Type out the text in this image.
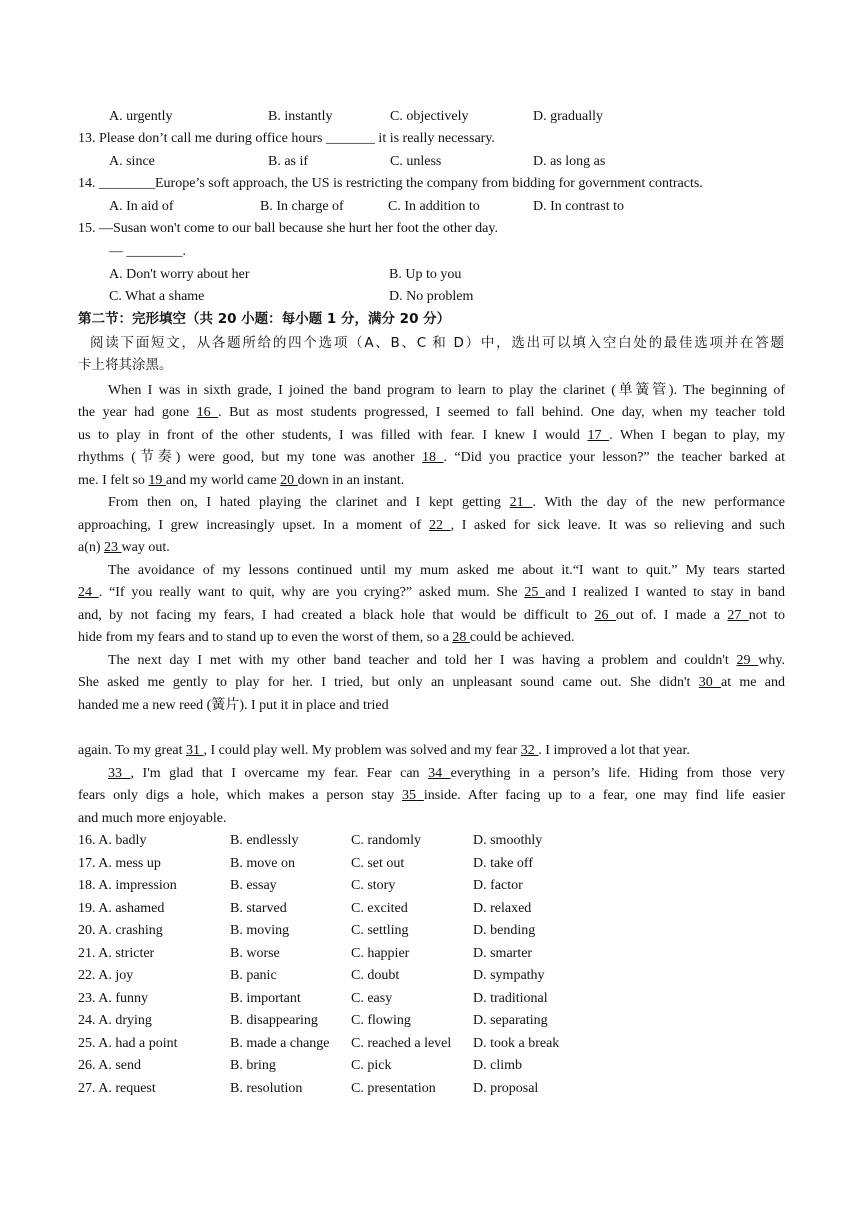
A. urgently	B. instantly	C. objectively	D. gradually
13. Please don’t call me during office hours _______ it is really necessary.
A. since	B. as if	C. unless	D. as long as
14. ________Europe’s soft approach, the US is restricting the company from bidding for government contracts.
A. In aid of	B. In charge of	C. In addition to	D. In contrast to
15. —Susan won't come to our ball because she hurt her foot the other day.
— ________.
A. Don't worry about her	B. Up to you
C. What a shame	D. No problem
第二节：完形填空（共 20 小题：每小题 1 分，满分 20 分）
阅读下面短文，从各题所给的四个选项（A、B、C 和 D）中，选出可以填入空白处的最佳选项并在答题
卡上将其涂黑。
When I was in sixth grade, I joined the band program to learn to play the clarinet (单簧管). The beginning of
the year had gone 16 . But as most students progressed, I seemed to fall behind. One day, when my teacher told
us to play in front of the other students, I was filled with fear. I knew I would 17 . When I began to play, my
rhythms (节奏) were good, but my tone was another 18 . “Did you practice your lesson?” the teacher barked at
me. I felt so 19 and my world came 20 down in an instant.
From then on, I hated playing the clarinet and I kept getting 21 . With the day of the new performance
approaching, I grew increasingly upset. In a moment of 22 , I asked for sick leave. It was so relieving and such
a(n) 23 way out.
The avoidance of my lessons continued until my mum asked me about it.“I want to quit.” My tears started
24 . “If you really want to quit, why are you crying?” asked mum. She 25 and I realized I wanted to stay in band
and, by not facing my fears, I had created a black hole that would be difficult to 26 out of. I made a 27 not to
hide from my fears and to stand up to even the worst of them, so a 28 could be achieved.
The next day I met with my other band teacher and told her I was having a problem and couldn't 29 why.
She asked me gently to play for her. I tried, but only an unpleasant sound came out. She didn't 30 at me and
handed me a new reed (簧片). I put it in place and tried
again. To my great 31 , I could play well. My problem was solved and my fear 32 . I improved a lot that year.
33 , I'm glad that I overcame my fear. Fear can 34 everything in a person’s life. Hiding from those very
fears only digs a hole, which makes a person stay 35 inside. After facing up to a fear, one may find life easier
and much more enjoyable.
16. A. badly	B. endlessly	C. randomly	D. smoothly
17. A. mess up	B. move on	C. set out	D. take off
18. A. impression	B. essay	C. story	D. factor
19. A. ashamed	B. starved	C. excited	D. relaxed
20. A. crashing	B. moving	C. settling	D. bending
21. A. stricter	B. worse	C. happier	D. smarter
22. A. joy	B. panic	C. doubt	D. sympathy
23. A. funny	B. important	C. easy	D. traditional
24. A. drying	B. disappearing C. flowing	D. separating
25. A. had a point	B. made a change C. reached a level D. took a break
26. A. send	B. bring	C. pick	D. climb
27. A. request	B. resolution	C. presentation	D. proposal
